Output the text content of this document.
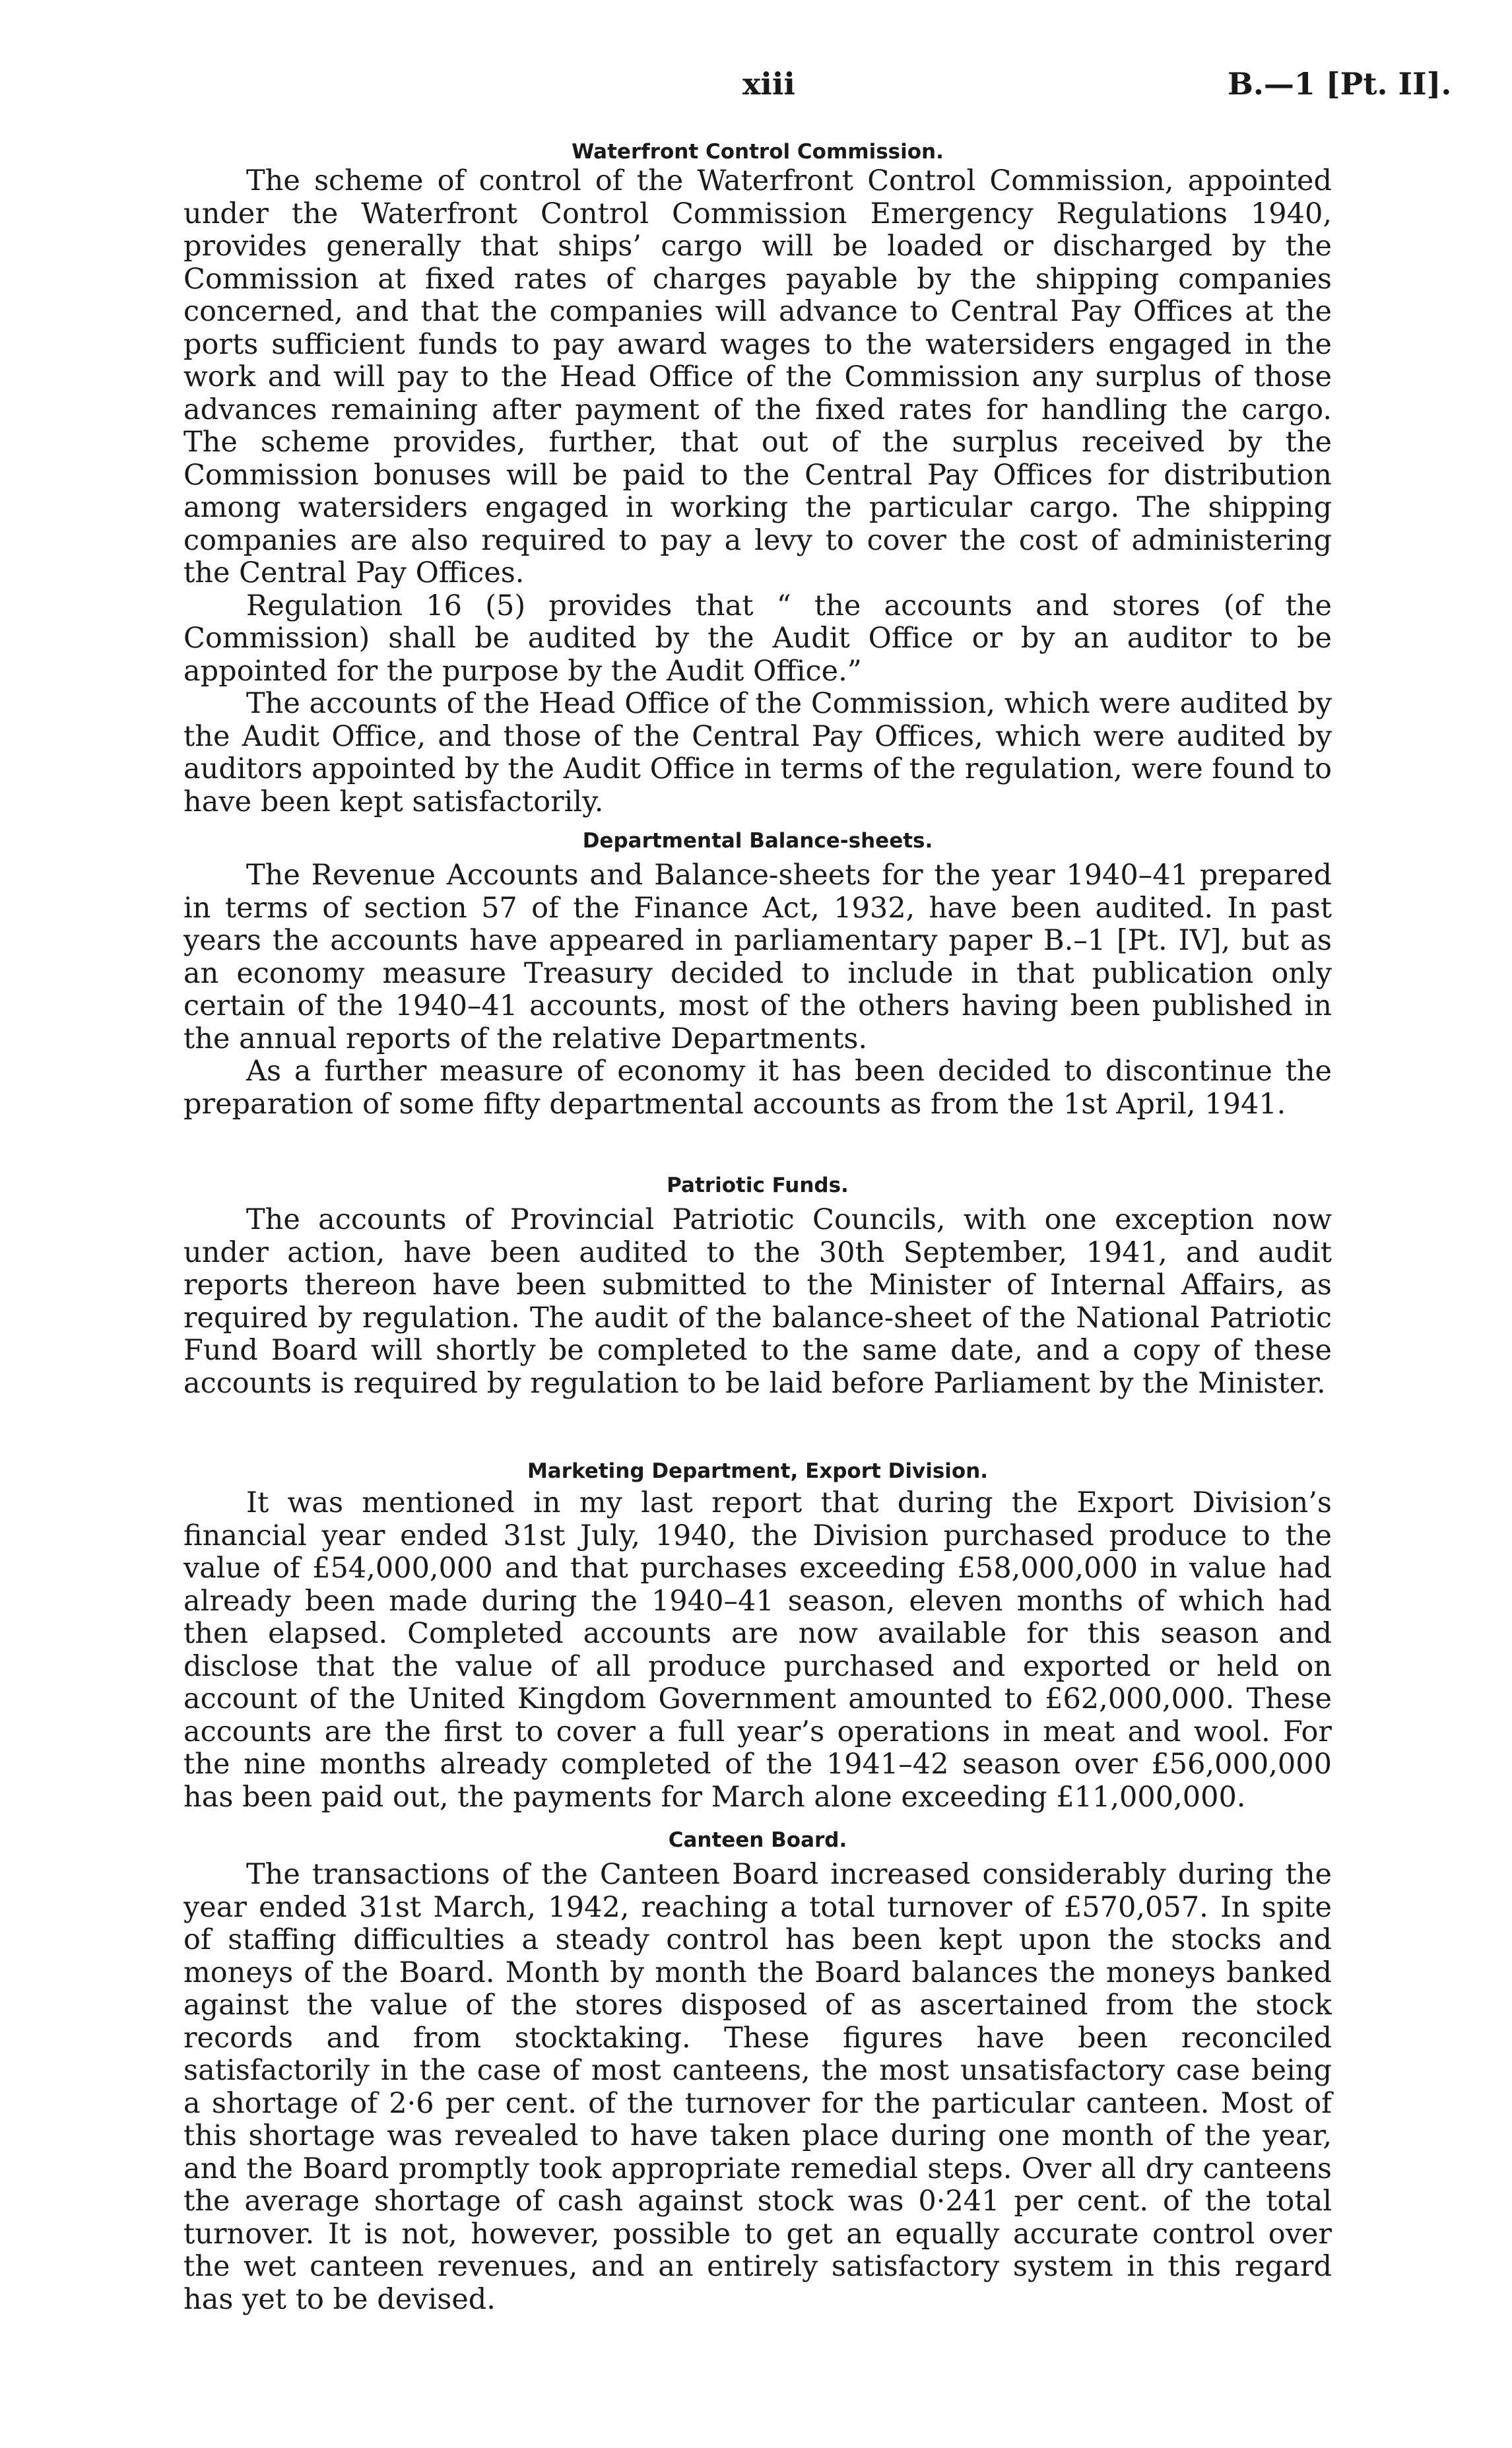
xiii	B.—1 [Pt. II].
Waterfront Control Commission.

The scheme of control of the Waterfront Control Commission, appointed under the Waterfront Control Commission Emergency Regulations 1940, provides generally that ships’ cargo will be loaded or discharged by the Commission at fixed rates of charges payable by the shipping companies concerned, and that the companies will advance to Central Pay Offices at the ports sufficient funds to pay award wages to the watersiders engaged in the work and will pay to the Head Office of the Commission any surplus of those advances remaining after payment of the fixed rates for handling the cargo. The scheme provides, further, that out of the surplus received by the Commission bonuses will be paid to the Central Pay Offices for distribution among watersiders engaged in working the particular cargo. The shipping companies are also required to pay a levy to cover the cost of administering the Central Pay Offices.

Regulation 16 (5) provides that “ the accounts and stores (of the Commission) shall be audited by the Audit Office or by an auditor to be appointed for the purpose by the Audit Office.”

The accounts of the Head Office of the Commission, which were audited by the Audit Office, and those of the Central Pay Offices, which were audited by auditors appointed by the Audit Office in terms of the regulation, were found to have been kept satisfactorily.

Departmental Balance-sheets.

The Revenue Accounts and Balance-sheets for the year 1940–41 prepared in terms of section 57 of the Finance Act, 1932, have been audited. In past years the accounts have appeared in parliamentary paper B.–1 [Pt. IV], but as an economy measure Treasury decided to include in that publication only certain of the 1940–41 accounts, most of the others having been published in the annual reports of the relative Departments.

As a further measure of economy it has been decided to discontinue the preparation of some fifty departmental accounts as from the 1st April, 1941.

Patriotic Funds.

The accounts of Provincial Patriotic Councils, with one exception now under action, have been audited to the 30th September, 1941, and audit reports thereon have been submitted to the Minister of Internal Affairs, as required by regulation. The audit of the balance-sheet of the National Patriotic Fund Board will shortly be completed to the same date, and a copy of these accounts is required by regulation to be laid before Parliament by the Minister.

Marketing Department, Export Division.

It was mentioned in my last report that during the Export Division’s financial year ended 31st July, 1940, the Division purchased produce to the value of £54,000,000 and that purchases exceeding £58,000,000 in value had already been made during the 1940–41 season, eleven months of which had then elapsed. Completed accounts are now available for this season and disclose that the value of all produce purchased and exported or held on account of the United Kingdom Government amounted to £62,000,000. These accounts are the first to cover a full year’s operations in meat and wool. For the nine months already completed of the 1941–42 season over £56,000,000 has been paid out, the payments for March alone exceeding £11,000,000.

Canteen Board.

The transactions of the Canteen Board increased considerably during the year ended 31st March, 1942, reaching a total turnover of £570,057. In spite of staffing difficulties a steady control has been kept upon the stocks and moneys of the Board. Month by month the Board balances the moneys banked against the value of the stores disposed of as ascertained from the stock records and from stocktaking. These figures have been reconciled satisfactorily in the case of most canteens, the most unsatisfactory case being a shortage of 2·6 per cent. of the turnover for the particular canteen. Most of this shortage was revealed to have taken place during one month of the year, and the Board promptly took appropriate remedial steps. Over all dry canteens the average shortage of cash against stock was 0·241 per cent. of the total turnover. It is not, however, possible to get an equally accurate control over the wet canteen revenues, and an entirely satisfactory system in this regard has yet to be devised.
